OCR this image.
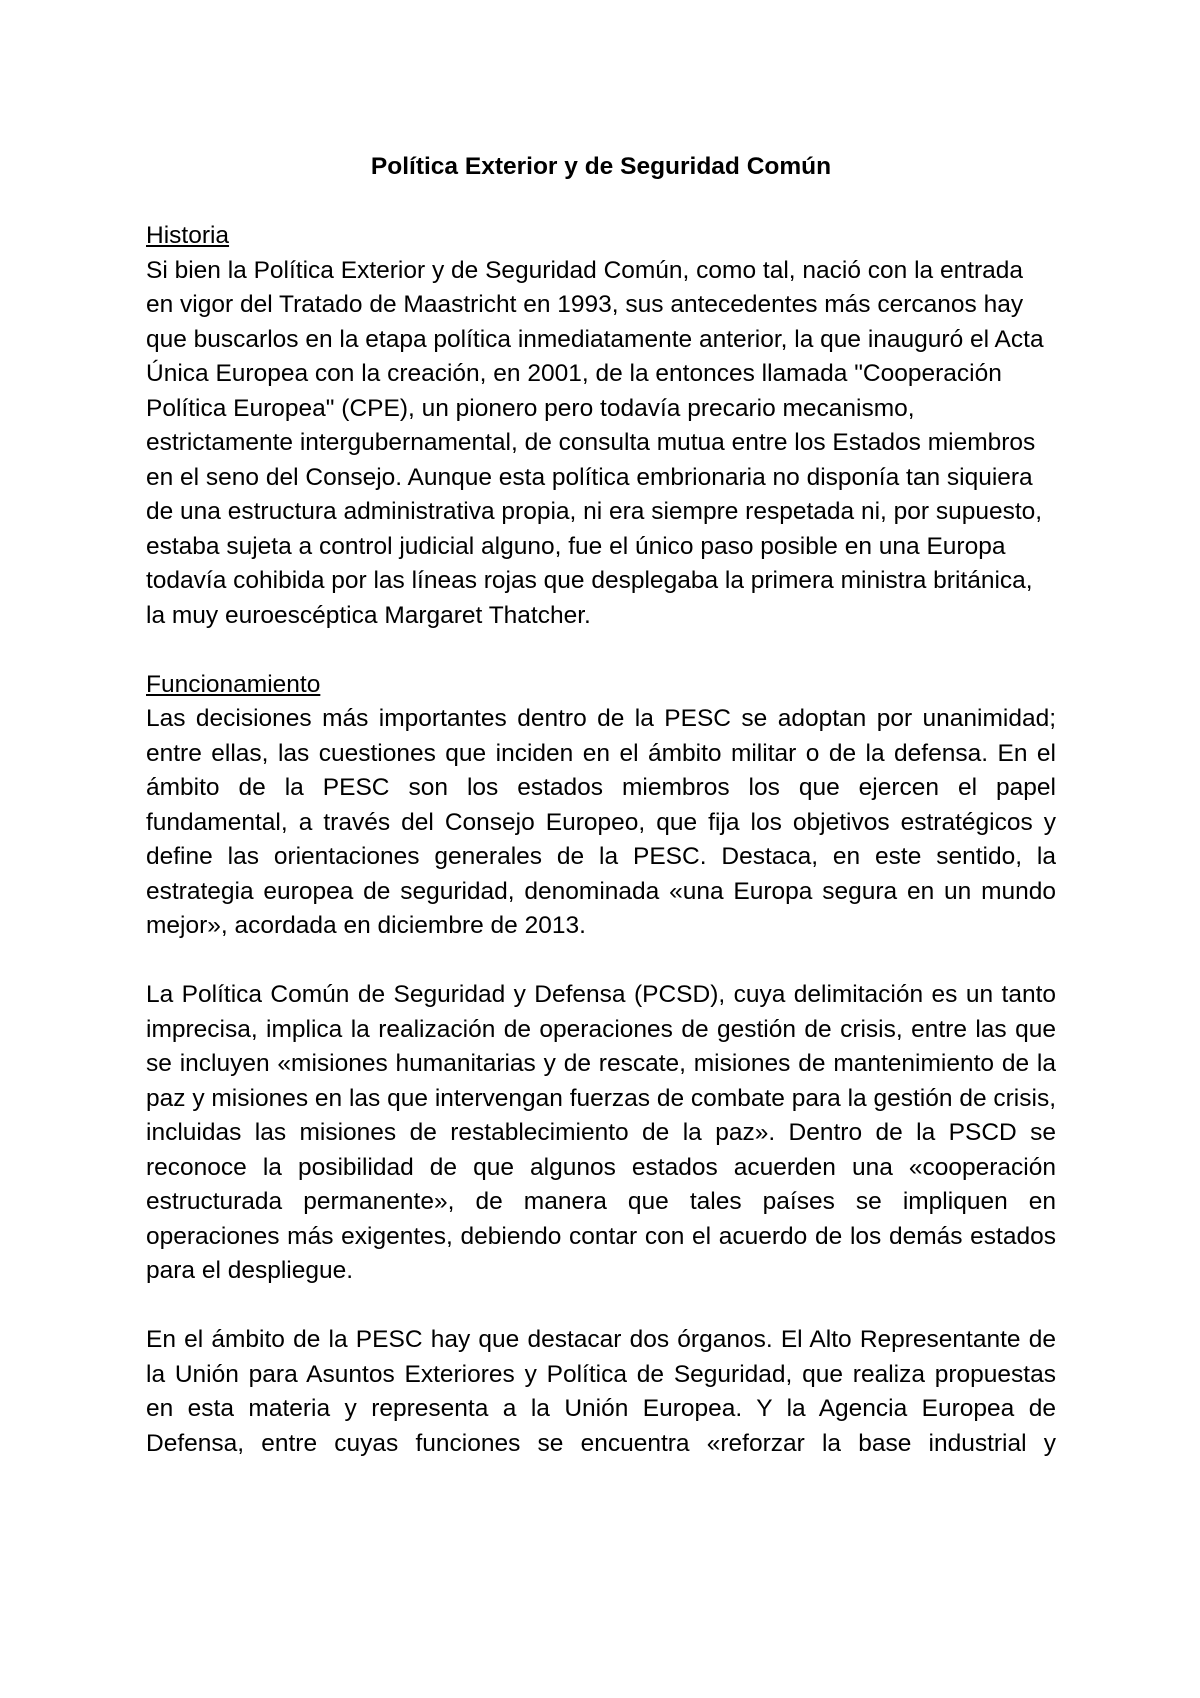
Política Exterior y de Seguridad Común
Historia

Si bien la Política Exterior y de Seguridad Común, como tal, nació con la entrada en vigor del Tratado de Maastricht en 1993, sus antecedentes más cercanos hay que buscarlos en la etapa política inmediatamente anterior, la que inauguró el Acta Única Europea con la creación, en 2001, de la entonces llamada "Cooperación Política Europea" (CPE), un pionero pero todavía precario mecanismo, estrictamente intergubernamental, de consulta mutua entre los Estados miembros en el seno del Consejo. Aunque esta política embrionaria no disponía tan siquiera de una estructura administrativa propia, ni era siempre respetada ni, por supuesto, estaba sujeta a control judicial alguno, fue el único paso posible en una Europa todavía cohibida por las líneas rojas que desplegaba la primera ministra británica, la muy euroescéptica Margaret Thatcher.

Funcionamiento

Las decisiones más importantes dentro de la PESC se adoptan por unanimidad; entre ellas, las cuestiones que inciden en el ámbito militar o de la defensa. En el ámbito de la PESC son los estados miembros los que ejercen el papel fundamental, a través del Consejo Europeo, que fija los objetivos estratégicos y define las orientaciones generales de la PESC. Destaca, en este sentido, la estrategia europea de seguridad, denominada «una Europa segura en un mundo mejor», acordada en diciembre de 2013.

La Política Común de Seguridad y Defensa (PCSD), cuya delimitación es un tanto imprecisa, implica la realización de operaciones de gestión de crisis, entre las que se incluyen «misiones humanitarias y de rescate, misiones de mantenimiento de la paz y misiones en las que intervengan fuerzas de combate para la gestión de crisis, incluidas las misiones de restablecimiento de la paz». Dentro de la PSCD se reconoce la posibilidad de que algunos estados acuerden una «cooperación estructurada permanente», de manera que tales países se impliquen en operaciones más exigentes, debiendo contar con el acuerdo de los demás estados para el despliegue.

En el ámbito de la PESC hay que destacar dos órganos. El Alto Representante de la Unión para Asuntos Exteriores y Política de Seguridad, que realiza propuestas en esta materia y representa a la Unión Europea. Y la Agencia Europea de Defensa, entre cuyas funciones se encuentra «reforzar la base industrial y
